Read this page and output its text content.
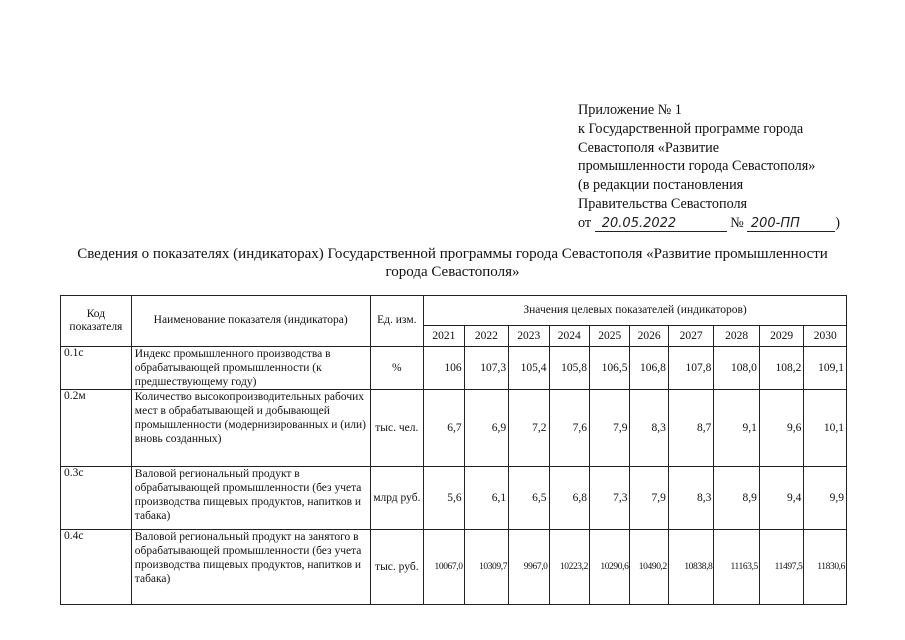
Приложение № 1
к Государственной программе города
Севастополя «Развитие
промышленности города Севастополя»
(в редакции постановления
Правительства Севастополя
от 20.05.2022	№ 200-ПП )
Сведения о показателях (индикаторах) Государственной программы города Севастополя «Развитие промышленности
города Севастополя»
Код показателя	Наименование показателя (индикатора)	Ед. изм.	Значения целевых показателей (индикаторов)									
			2021	2022	2023	2024	2025	2026	2027	2028	2029	2030
0.1с	Индекс промышленного производства в обрабатывающей промышленности (к предшествующему году)	%	106	107,3	105,4	105,8	106,5	106,8	107,8	108,0	108,2	109,1
0.2м	Количество высокопроизводительных рабочих мест в обрабатывающей и добывающей промышленности (модернизированных и (или) вновь созданных)	тыс. чел.	6,7	6,9	7,2	7,6	7,9	8,3	8,7	9,1	9,6	10,1
0.3с	Валовой региональный продукт в обрабатывающей промышленности (без учета производства пищевых продуктов, напитков и табака)	млрд руб.	5,6	6,1	6,5	6,8	7,3	7,9	8,3	8,9	9,4	9,9
0.4с	Валовой региональный продукт на занятого в обрабатывающей промышленности (без учета производства пищевых продуктов, напитков и табака)	тыс. руб.	10067,0	10309,7	9967,0	10223,2	10290,6	10490,2	10838,8	11163,5	11497,5	11830,6
